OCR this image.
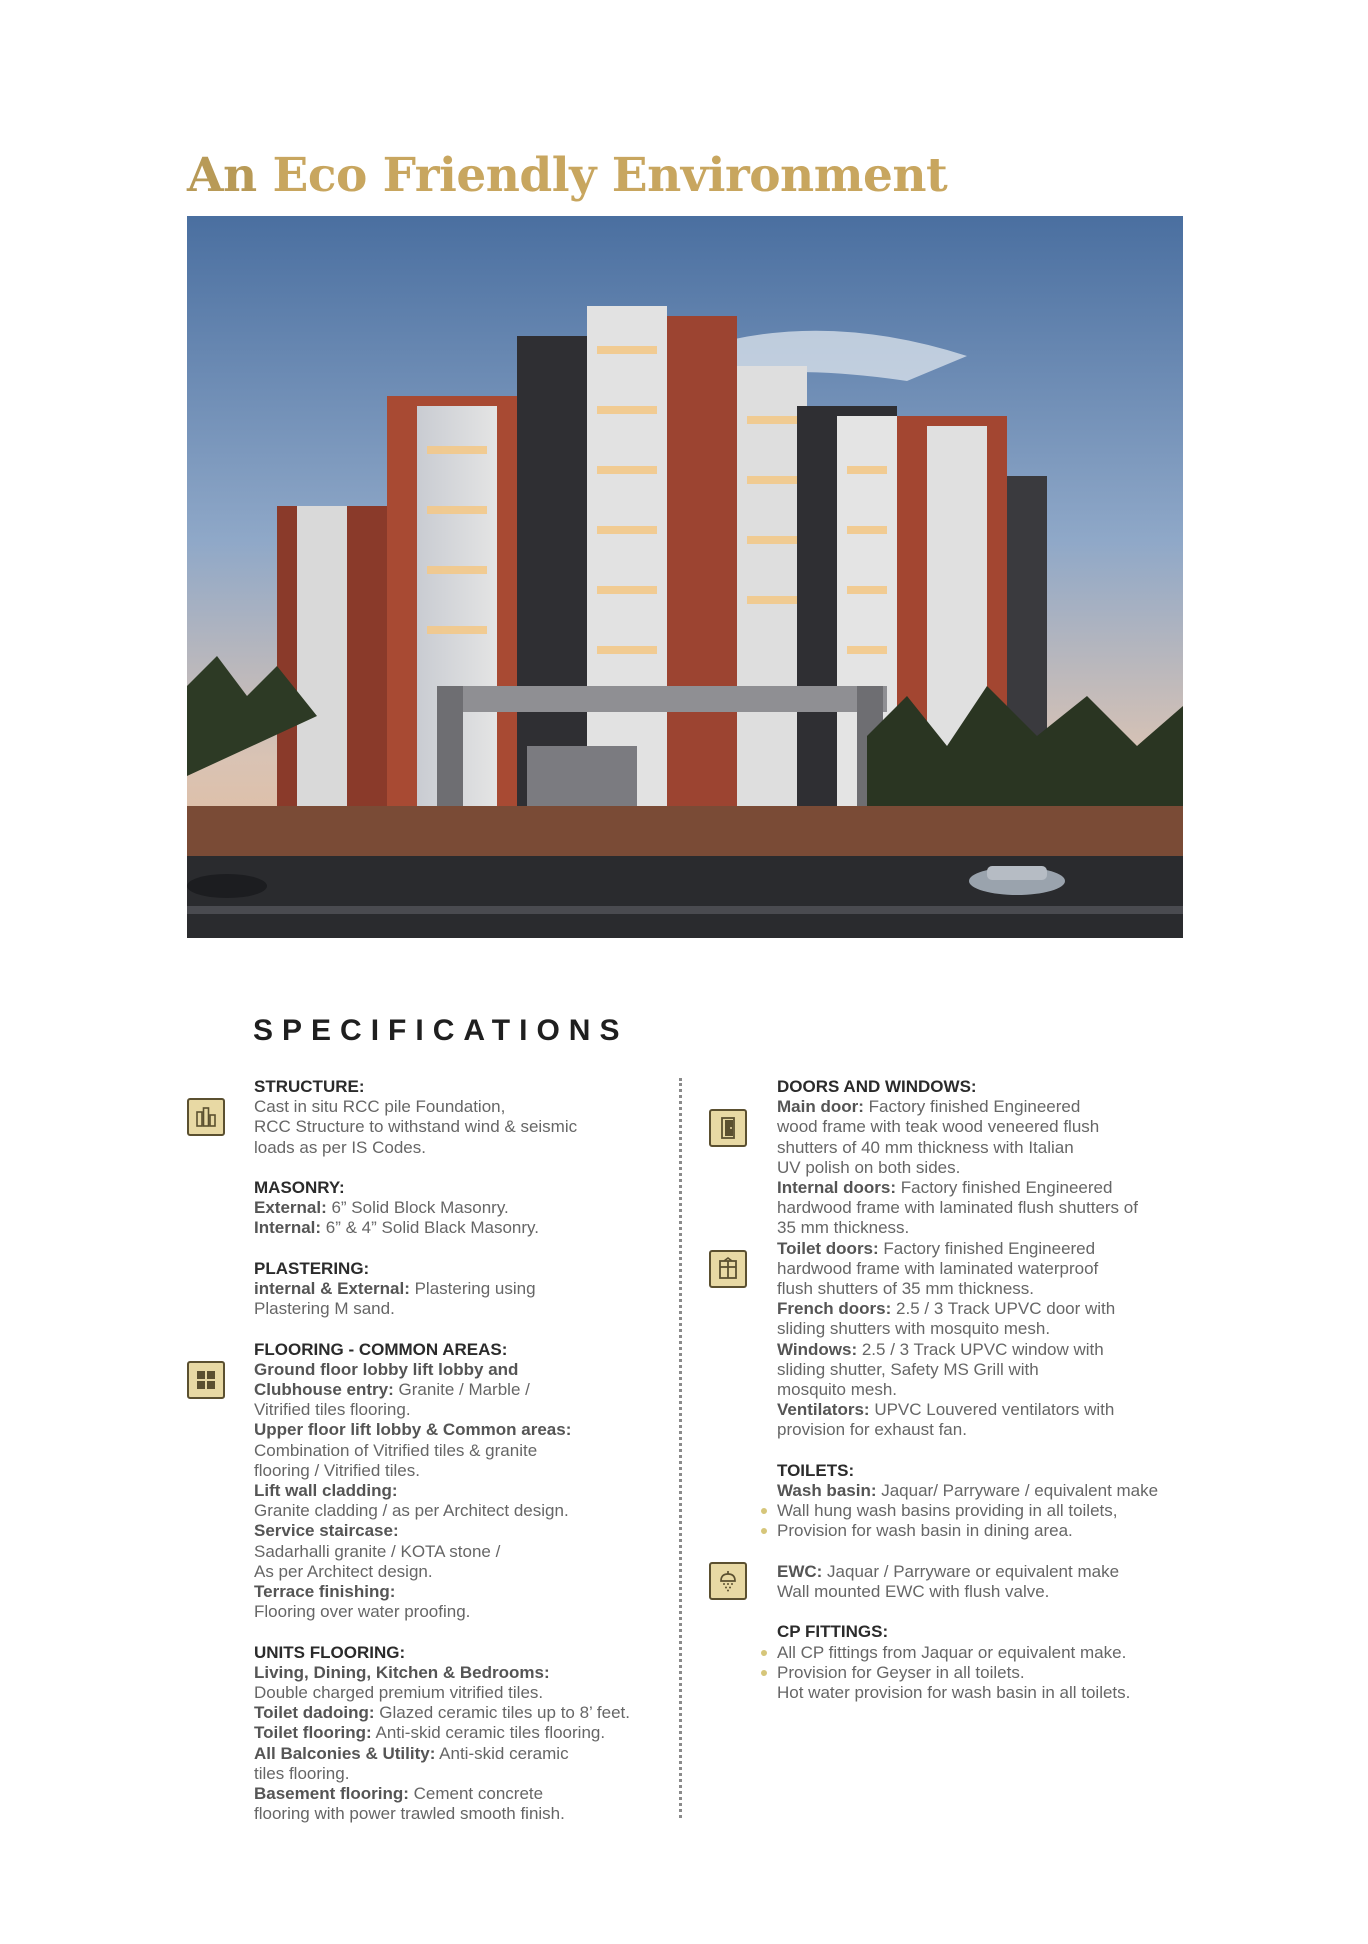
An Eco Friendly Environment
SPECIFICATIONS

STRUCTURE:

Cast in situ RCC pile Foundation,

RCC Structure to withstand wind & seismic

loads as per IS Codes.

MASONRY:

External: 6” Solid Block Masonry.

Internal: 6” & 4” Solid Black Masonry.

PLASTERING:

internal & External: Plastering using

Plastering M sand.

FLOORING - COMMON AREAS:

Ground floor lobby lift lobby and

Clubhouse entry: Granite / Marble /

Vitrified tiles flooring.

Upper floor lift lobby & Common areas:

Combination of Vitrified tiles & granite

flooring / Vitrified tiles.

Lift wall cladding:

Granite cladding / as per Architect design.

Service staircase:

Sadarhalli granite / KOTA stone /

As per Architect design.

Terrace finishing:

Flooring over water proofing.

UNITS FLOORING:

Living, Dining, Kitchen & Bedrooms:

Double charged premium vitrified tiles.

Toilet dadoing: Glazed ceramic tiles up to 8’ feet.

Toilet flooring: Anti-skid ceramic tiles flooring.

All Balconies & Utility: Anti-skid ceramic

tiles flooring.

Basement flooring: Cement concrete

flooring with power trawled smooth finish.

DOORS AND WINDOWS:

Main door: Factory finished Engineered

wood frame with teak wood veneered flush

shutters of 40 mm thickness with Italian

UV polish on both sides.

Internal doors: Factory finished Engineered

hardwood frame with laminated flush shutters of

35 mm thickness.

Toilet doors: Factory finished Engineered

hardwood frame with laminated waterproof

flush shutters of 35 mm thickness.

French doors: 2.5 / 3 Track UPVC door with

sliding shutters with mosquito mesh.

Windows: 2.5 / 3 Track UPVC window with

sliding shutter, Safety MS Grill with

mosquito mesh.

Ventilators: UPVC Louvered ventilators with

provision for exhaust fan.

TOILETS:

Wash basin: Jaquar/ Parryware / equivalent make

Wall hung wash basins providing in all toilets,

Provision for wash basin in dining area.

EWC: Jaquar / Parryware or equivalent make

Wall mounted EWC with flush valve.

CP FITTINGS:

All CP fittings from Jaquar or equivalent make.

Provision for Geyser in all toilets.

Hot water provision for wash basin in all toilets.
